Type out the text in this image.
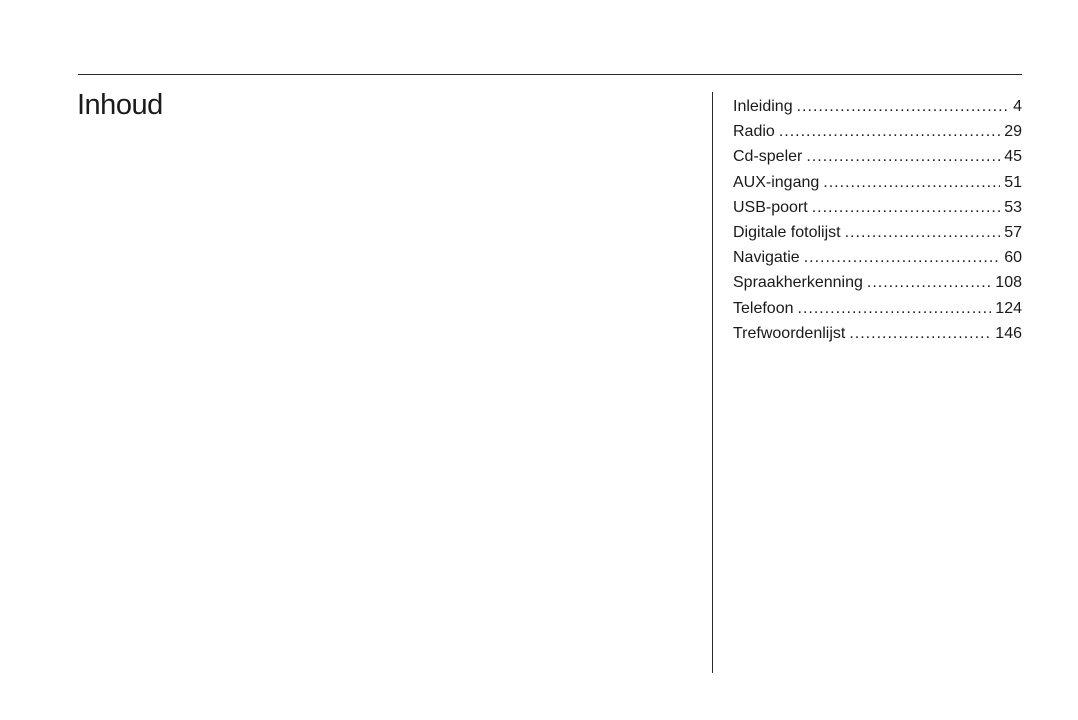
Inhoud	Inleiding .....	4
Radio .....	29
Cd-speler .....	45
AUX-ingang .....	51
USB-poort .....	53
Digitale fotolijst .....	57
Navigatie .....	60
Spraakherkenning .....	108
Telefoon .....	124
Trefwoordenlijst .....	146
